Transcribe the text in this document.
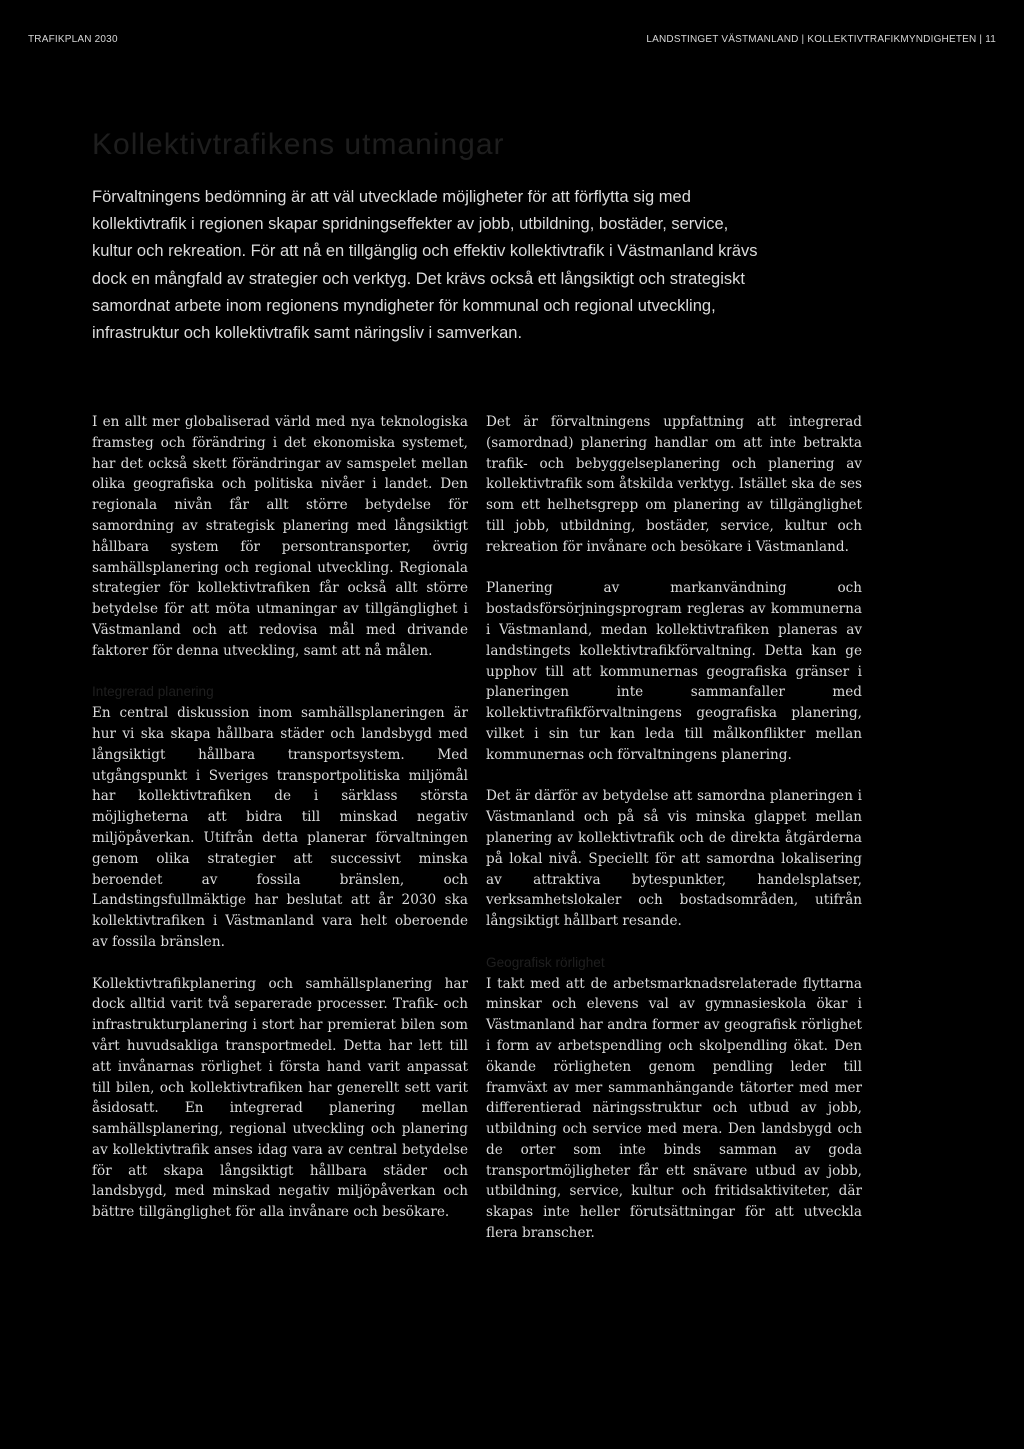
TRAFIKPLAN 2030	LANDSTINGET VÄSTMANLAND | KOLLEKTIVTRAFIKMYNDIGHETEN | 11
Kollektivtrafikens utmaningar

Förvaltningens bedömning är att väl utvecklade möjligheter för att förflytta sig med kollektivtrafik i regionen skapar spridningseffekter av jobb, utbildning, bostäder, service, kultur och rekreation. För att nå en tillgänglig och effektiv kollektivtrafik i Västmanland krävs dock en mångfald av strategier och verktyg. Det krävs också ett långsiktigt och strategiskt samordnat arbete inom regionens myndigheter för kommunal och regional utveckling, infrastruktur och kollektivtrafik samt näringsliv i samverkan.

I en allt mer globaliserad värld med nya teknologiska framsteg och förändring i det ekonomiska systemet, har det också skett förändringar av samspelet mellan olika geografiska och politiska nivåer i landet. Den regionala nivån får allt större betydelse för samordning av strategisk planering med långsiktigt hållbara system för persontransporter, övrig samhällsplanering och regional utveckling. Regionala strategier för kollektivtrafiken får också allt större betydelse för att möta utmaningar av tillgänglighet i Västmanland och att redovisa mål med drivande faktorer för denna utveckling, samt att nå målen.

Integrerad planering

En central diskussion inom samhällsplaneringen är hur vi ska skapa hållbara städer och landsbygd med långsiktigt hållbara transportsystem. Med utgångspunkt i Sveriges transportpolitiska miljömål har kollektivtrafiken de i särklass största möjligheterna att bidra till minskad negativ miljöpåverkan. Utifrån detta planerar förvaltningen genom olika strategier att successivt minska beroendet av fossila bränslen, och Landstingsfullmäktige har beslutat att år 2030 ska kollektivtrafiken i Västmanland vara helt oberoende av fossila bränslen.

Kollektivtrafikplanering och samhällsplanering har dock alltid varit två separerade processer. Trafik- och infrastrukturplanering i stort har premierat bilen som vårt huvudsakliga transportmedel. Detta har lett till att invånarnas rörlighet i första hand varit anpassat till bilen, och kollektivtrafiken har generellt sett varit åsidosatt. En integrerad planering mellan samhällsplanering, regional utveckling och planering av kollektivtrafik anses idag vara av central betydelse för att skapa långsiktigt hållbara städer och landsbygd, med minskad negativ miljöpåverkan och bättre tillgänglighet för alla invånare och besökare.

Det är förvaltningens uppfattning att integrerad (samordnad) planering handlar om att inte betrakta trafik- och bebyggelseplanering och planering av kollektivtrafik som åtskilda verktyg. Istället ska de ses som ett helhetsgrepp om planering av tillgänglighet till jobb, utbildning, bostäder, service, kultur och rekreation för invånare och besökare i Västmanland.

Planering av markanvändning och bostadsförsörjningsprogram regleras av kommunerna i Västmanland, medan kollektivtrafiken planeras av landstingets kollektivtrafikförvaltning. Detta kan ge upphov till att kommunernas geografiska gränser i planeringen inte sammanfaller med kollektivtrafikförvaltningens geografiska planering, vilket i sin tur kan leda till målkonflikter mellan kommunernas och förvaltningens planering.

Det är därför av betydelse att samordna planeringen i Västmanland och på så vis minska glappet mellan planering av kollektivtrafik och de direkta åtgärderna på lokal nivå. Speciellt för att samordna lokalisering av attraktiva bytespunkter, handelsplatser, verksamhetslokaler och bostadsområden, utifrån långsiktigt hållbart resande.

Geografisk rörlighet

I takt med att de arbetsmarknadsrelaterade flyttarna minskar och elevens val av gymnasieskola ökar i Västmanland har andra former av geografisk rörlighet i form av arbetspendling och skolpendling ökat. Den ökande rörligheten genom pendling leder till framväxt av mer sammanhängande tätorter med mer differentierad näringsstruktur och utbud av jobb, utbildning och service med mera. Den landsbygd och de orter som inte binds samman av goda transportmöjligheter får ett snävare utbud av jobb, utbildning, service, kultur och fritidsaktiviteter, där skapas inte heller förutsättningar för att utveckla flera branscher.
